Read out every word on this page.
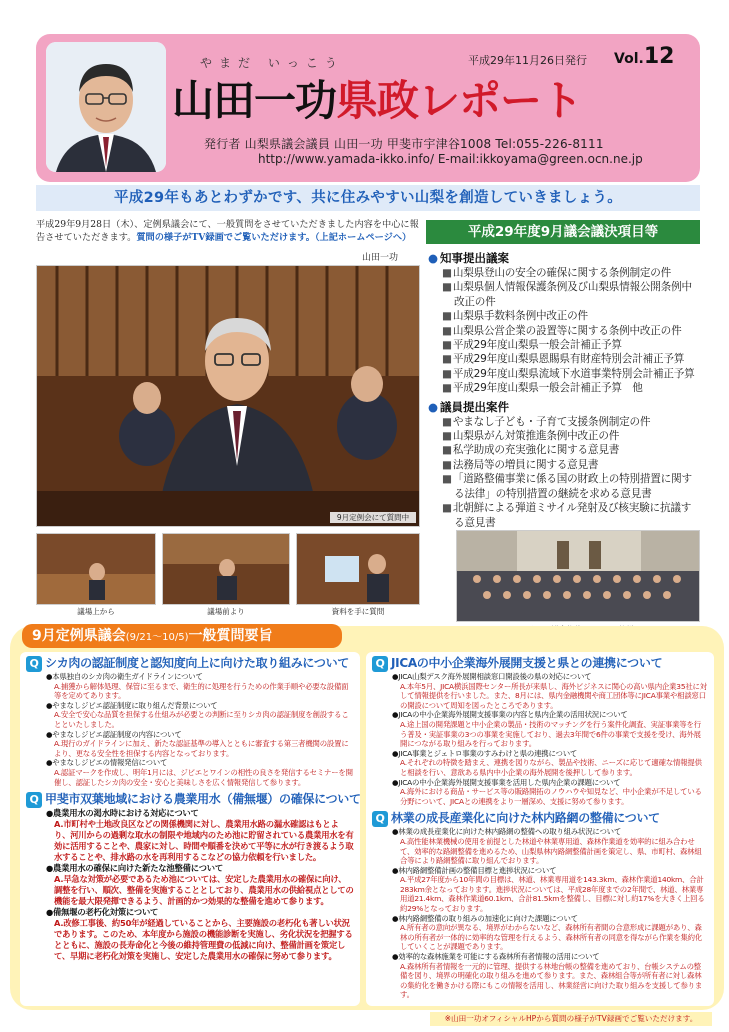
やまだ いっこう
山田一功県政レポート
平成29年11月26日発行 Vol.12
発行者 山梨県議会議員 山田一功 甲斐市宇津谷1008 Tel:055-226-8111
http://www.yamada-ikko.info/ E-mail:ikkoyama@green.ocn.ne.jp
平成29年もあとわずかです、共に住みやすい山梨を創造していきましょう。
平成29年9月28日（木）、定例県議会にて、一般質問をさせていただきました内容を中心に報告させていただきます。質問の様子がTV録画でご覧いただけます。（上記ホームページへ）
山田一功
9月定例会にて質問中
議場上から	議場前より	資料を手に質問
平成29年度9月議会議決項目等
● 知事提出議案
■ 山梨県登山の安全の確保に関する条例制定の件
■ 山梨県個人情報保護条例及び山梨県情報公開条例中改正の件
■ 山梨県手数料条例中改正の件
■ 山梨県公営企業の設置等に関する条例中改正の件
■ 平成29年度山梨県一般会計補正予算
■ 平成29年度山梨県恩賜県有財産特別会計補正予算
■ 平成29年度山梨県流域下水道事業特別会計補正予算
■ 平成29年度山梨県一般会計補正予算　他
● 議員提出案件
■ やまなし子ども・子育て支援条例制定の件
■ 山梨県がん対策推進条例中改正の件
■ 私学助成の充実強化に関する意見書
■ 法務局等の増員に関する意見書
■ 「道路整備事業に係る国の財政上の特別措置に関する法律」の特別措置の継続を求める意見書
■ 北朝鮮による弾道ミサイル発射及び核実験に抗議する意見書
9月定例県議会(9/21〜10/5)一般質問要旨
Q シカ肉の認証制度と認知度向上に向けた取り組みについて
● 本県独自のシカ肉の衛生ガイドラインについて
A.捕獲から解体処理、保管に至るまで、衛生的に処理を行うための作業手順や必要な設備面等を定めてあります。
● やまなしジビエ認証制度に取り組んだ背景について
A.安全で安心な品質を担保する仕組みが必要との判断に至りシカ肉の認証制度を創設することといたしました。
● やまなしジビエ認証制度の内容について
A.現行のガイドラインに加え、新たな認証基準の導入とともに審査する第三者機関の設置により、更なる安全性を担保する内容となっております。
● やまなしジビエの情報発信について
A.認証マークを作成し、明年1月には、ジビエとワインの相性の良さを発信するセミナーを開催し、認証したシカ肉の安全・安心と美味しさを広く情報発信して参ります。
Q 甲斐市双葉地域における農業用水（備無堰）の確保について
● 農業用水の渇水時における対応について
A.市町村や土地改良区などの関係機関に対し、農業用水路の漏水確認はもとより、河川からの過剰な取水の制限や地域内のため池に貯留されている農業用水を有効に活用することや、農家に対し、時間や順番を決めて平等に水が行き渡るよう取水することや、排水路の水を再利用するこなどの協力依頼を行いました。
● 農業用水の確保に向けた新たな池整備について
A.早急な対策が必要であるため池については、安定した農業用水の確保に向け、調整を行い、順次、整備を実施することとしており、農業用水の供給視点としての機能を最大限発揮できるよう、計画的かつ効果的な整備を進めて参ります。
● 備無堰の老朽化対策について
A.改修工事後、約50年が経過していることから、主要施設の老朽化も著しい状況であります。このため、本年度から施設の機能診断を実施し、劣化状況を把握するとともに、施設の長寿命化と今後の維持管理費の低減に向け、整備計画を策定して、早期に老朽化対策を実施し、安定した農業用水の確保に努めて参ります。
Q JICAの中小企業海外展開支援と県との連携について
● JICA山梨デスク海外展開相談窓口開設後の県の対応について
A.本年5月、JICA横浜国際センター所長が来県し、海外ビジネスに関心の高い県内企業35社に対して情報提供を行いました。また、8月には、県内金融機関や商工団体等にJICA事業や相談窓口の開設について周知を図ったところであります。
● JICAの中小企業海外展開支援事業の内容と県内企業の活用状況について
A.途上国の開発課題と中小企業の製品・技術のマッチングを行う案件化調査、実証事業等を行う普及・実証事業の3つの事業を実施しており、過去3年間で6件の事業で支援を受け、海外展開につながる取り組みを行っております。
● JICA事業とジェトロ事業のすみわけと県の連携について
A.それぞれの特徴を踏まえ、連携を図りながら、製品や技術、ニーズに応じて適確な情報提供と相談を行い、意欲ある県内中小企業の海外展開を後押しして参ります。
● JICAの中小企業海外展開支援事業を活用した県内企業の課題について
A.海外における商品・サービス等の販路開拓のノウハウや知見など、中小企業が不足している分野について、JICAとの連携をより一層深め、支援に努めて参ります。
Q 林業の成長産業化に向けた林内路網の整備について
● 林業の成長産業化に向けた林内路網の整備への取り組み状況について
A.高性能林業機械の使用を前提とした林道や林業専用道、森林作業道を効率的に組み合わせて、効率的な路網整備を進めるため、山梨県林内路網整備計画を策定し、県、市町村、森林組合等により路網整備に取り組んでおります。
● 林内路網整備計画の整備目標と進捗状況について
A.平成27年度から10年間の目標は、林道、林業専用道を143.3km、森林作業道140km、合計283km余となっております。進捗状況については、平成28年度までの2年間で、林道、林業専用道21.4km、森林作業道60.1km、合計81.5kmを整備し、目標に対し約17%を大きく上回る約29%となっております。
● 林内路網整備の取り組みの加速化に向けた課題について
A.所有者の意向が異なる、境界がわからないなど、森林所有者間の合意形成に課題があり、森林の所有者が一体的に効率的な管理を行えるよう、森林所有者の同意を得ながら作業を集約化していくことが課題であります。
● 効率的な森林施業を可能にする森林所有者情報の活用について
A.森林所有者情報を一元的に管理、提供する林地台帳の整備を進めており、台帳システムの整備を図り、境界の明確化の取り組みを進めて参ります。また、森林組合等が所有者に対し森林の集約化を働きかける際にもこの情報を活用し、林業経営に向けた取り組みを支援して参ります。
※山田一功オフィシャルHPから質問の様子がTV録画でご覧いただけます。
